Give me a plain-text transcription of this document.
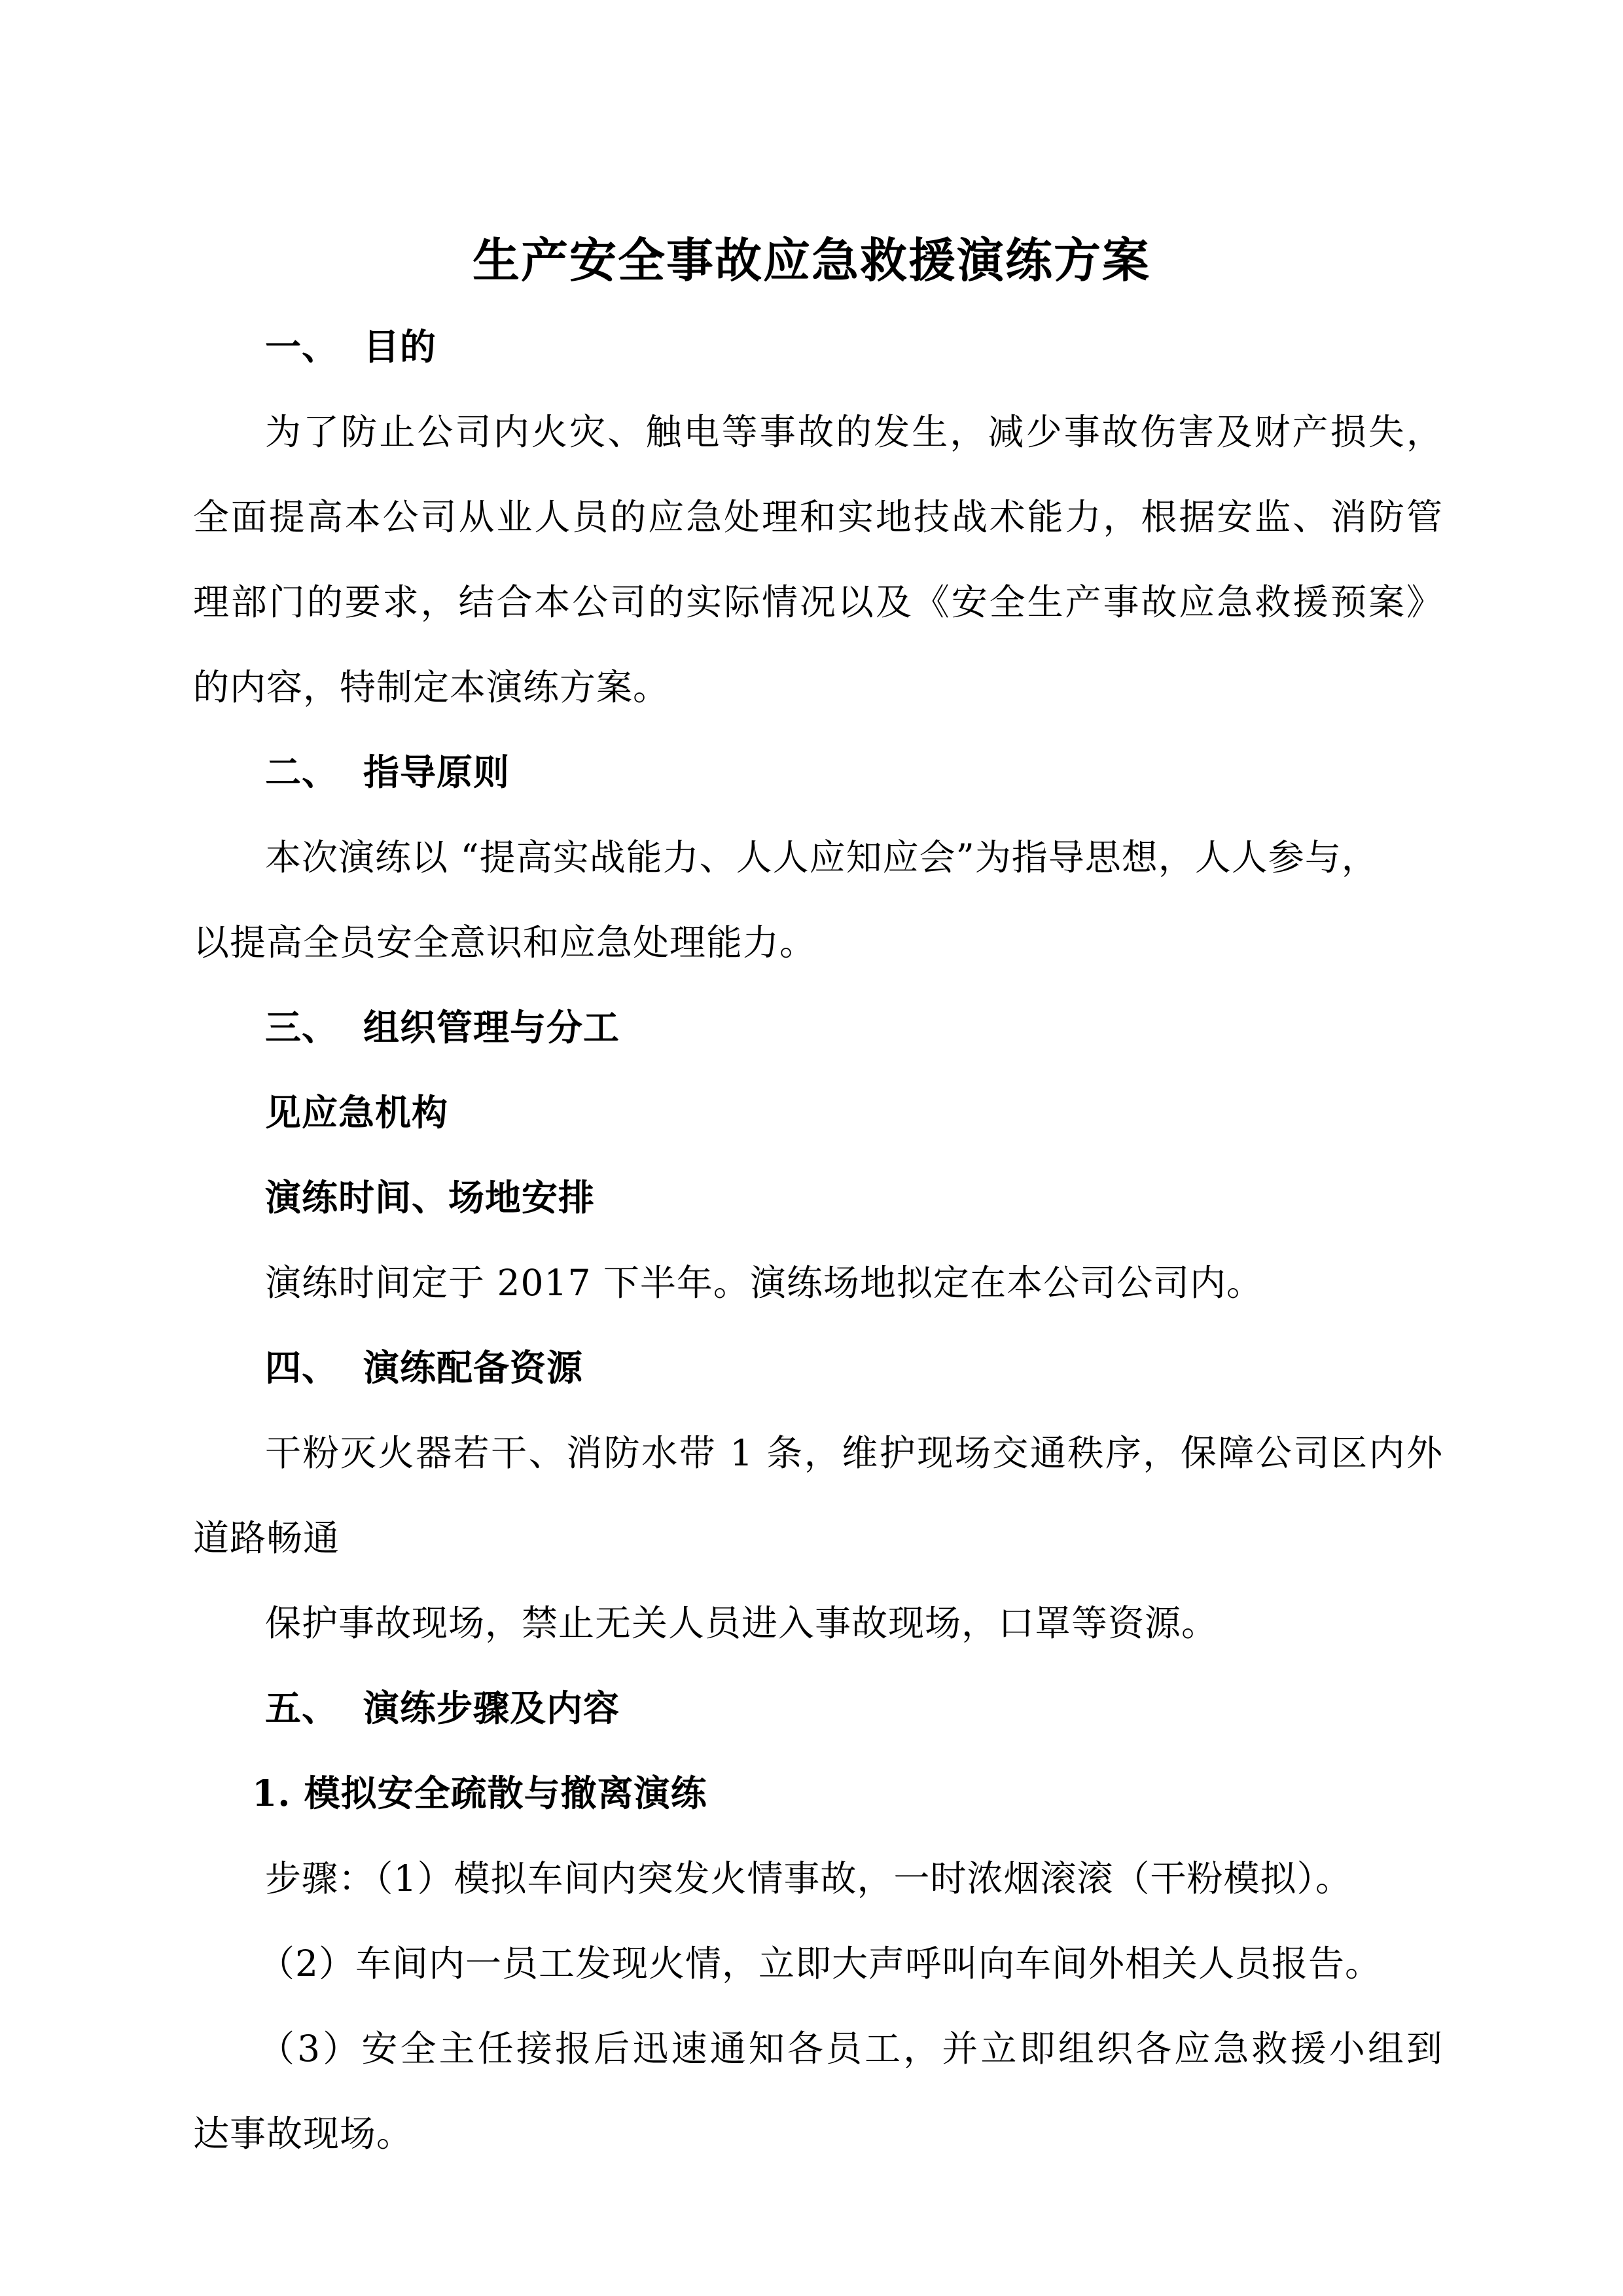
生产安全事故应急救援演练方案

一、 目的

为了防止公司内火灾、触电等事故的发生，减少事故伤害及财产损失，

全面提高本公司从业人员的应急处理和实地技战术能力，根据安监、消防管

理部门的要求，结合本公司的实际情况以及《安全生产事故应急救援预案》

的内容，特制定本演练方案。

二、 指导原则

本次演练以 “提高实战能力、人人应知应会”为指导思想，人人参与，

以提高全员安全意识和应急处理能力。

三、 组织管理与分工

见应急机构

演练时间、场地安排

演练时间定于 2017 下半年。演练场地拟定在本公司公司内。

四、 演练配备资源

干粉灭火器若干、消防水带 1 条，维护现场交通秩序，保障公司区内外

道路畅通

保护事故现场，禁止无关人员进入事故现场，口罩等资源。

五、 演练步骤及内容

1. 模拟安全疏散与撤离演练

步骤：（1）模拟车间内突发火情事故，一时浓烟滚滚（干粉模拟）。

（2）车间内一员工发现火情，立即大声呼叫向车间外相关人员报告。

（3）安全主任接报后迅速通知各员工，并立即组织各应急救援小组到

达事故现场。
